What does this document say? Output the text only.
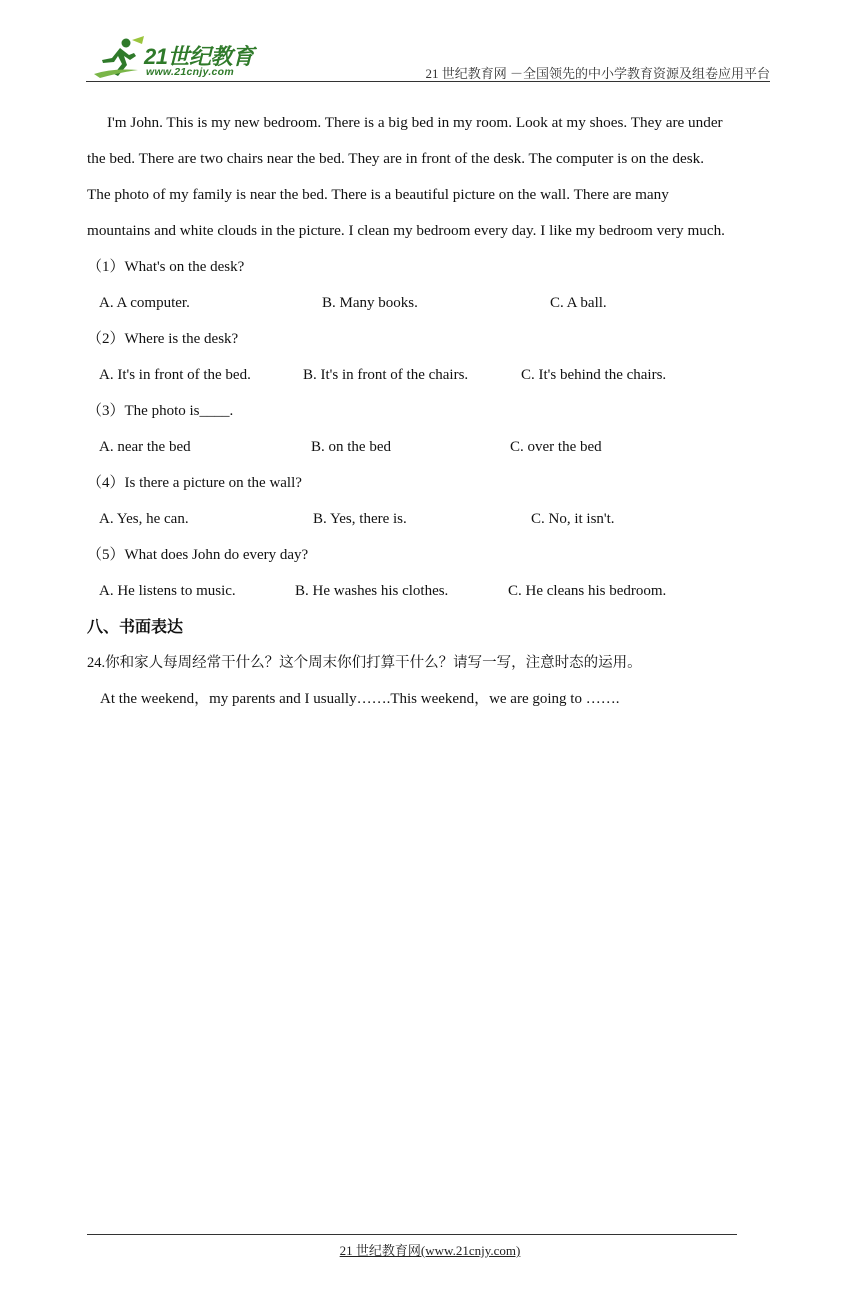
21世纪教育
www.21cnjy.com	21 世纪教育网 －全国领先的中小学教育资源及组卷应用平台

I'm John. This is my new bedroom. There is a big bed in my room. Look at my shoes. They are under

the bed. There are two chairs near the bed. They are in front of the desk. The computer is on the desk.

The photo of my family is near the bed. There is a beautiful picture on the wall. There are many

mountains and white clouds in the picture. I clean my bedroom every day. I like my bedroom very much.

（1）What's on the desk?
A. A computer.	B. Many books.	C. A ball.
（2）Where is the desk?
A. It's in front of the bed.	B. It's in front of the chairs.	C. It's behind the chairs.
（3）The photo is____.
A. near the bed	B. on the bed	C. over the bed
（4）Is there a picture on the wall?
A. Yes, he can.	B. Yes, there is.	C. No, it isn't.
（5）What does John do every day?
A. He listens to music.	B. He washes his clothes.	C. He cleans his bedroom.
八、书面表达
24.你和家人每周经常干什么？这个周末你们打算干什么？请写一写，注意时态的运用。
At the weekend，my parents and I usually…….This weekend，we are going to …….
21 世纪教育网(www.21cnjy.com)
